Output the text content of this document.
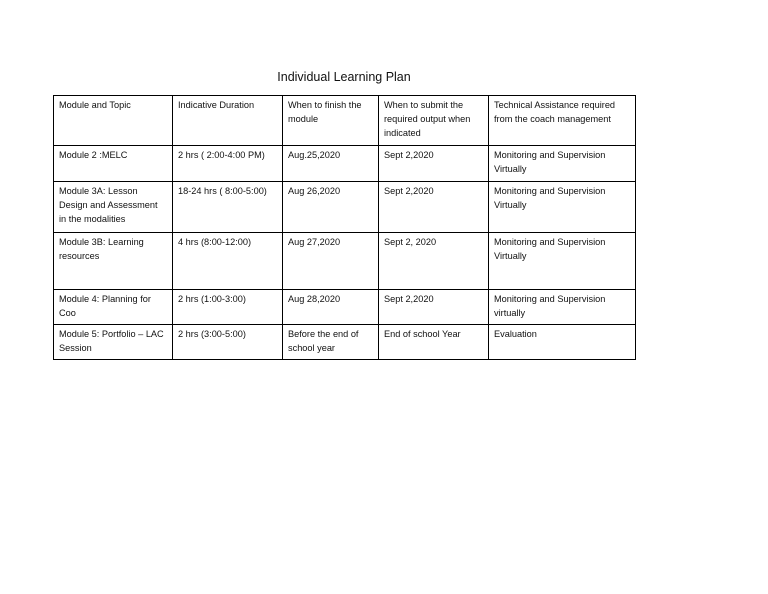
Individual Learning Plan
Module and Topic	Indicative Duration	When to finish the module	When to submit the required output when indicated	Technical Assistance required from the coach management
Module 2 :MELC	2 hrs ( 2:00-4:00 PM)	Aug.25,2020	Sept 2,2020	Monitoring and Supervision Virtually
Module 3A: Lesson Design and Assessment in the modalities	18-24 hrs ( 8:00-5:00)	Aug 26,2020	Sept 2,2020	Monitoring and Supervision Virtually
Module 3B: Learning resources	4 hrs (8:00-12:00)	Aug 27,2020	Sept 2, 2020	Monitoring and Supervision Virtually
Module 4: Planning for Coo	2 hrs (1:00-3:00)	Aug 28,2020	Sept 2,2020	Monitoring and Supervision virtually
Module 5: Portfolio – LAC Session	2 hrs (3:00-5:00)	Before the end of school year	End of school Year	Evaluation
